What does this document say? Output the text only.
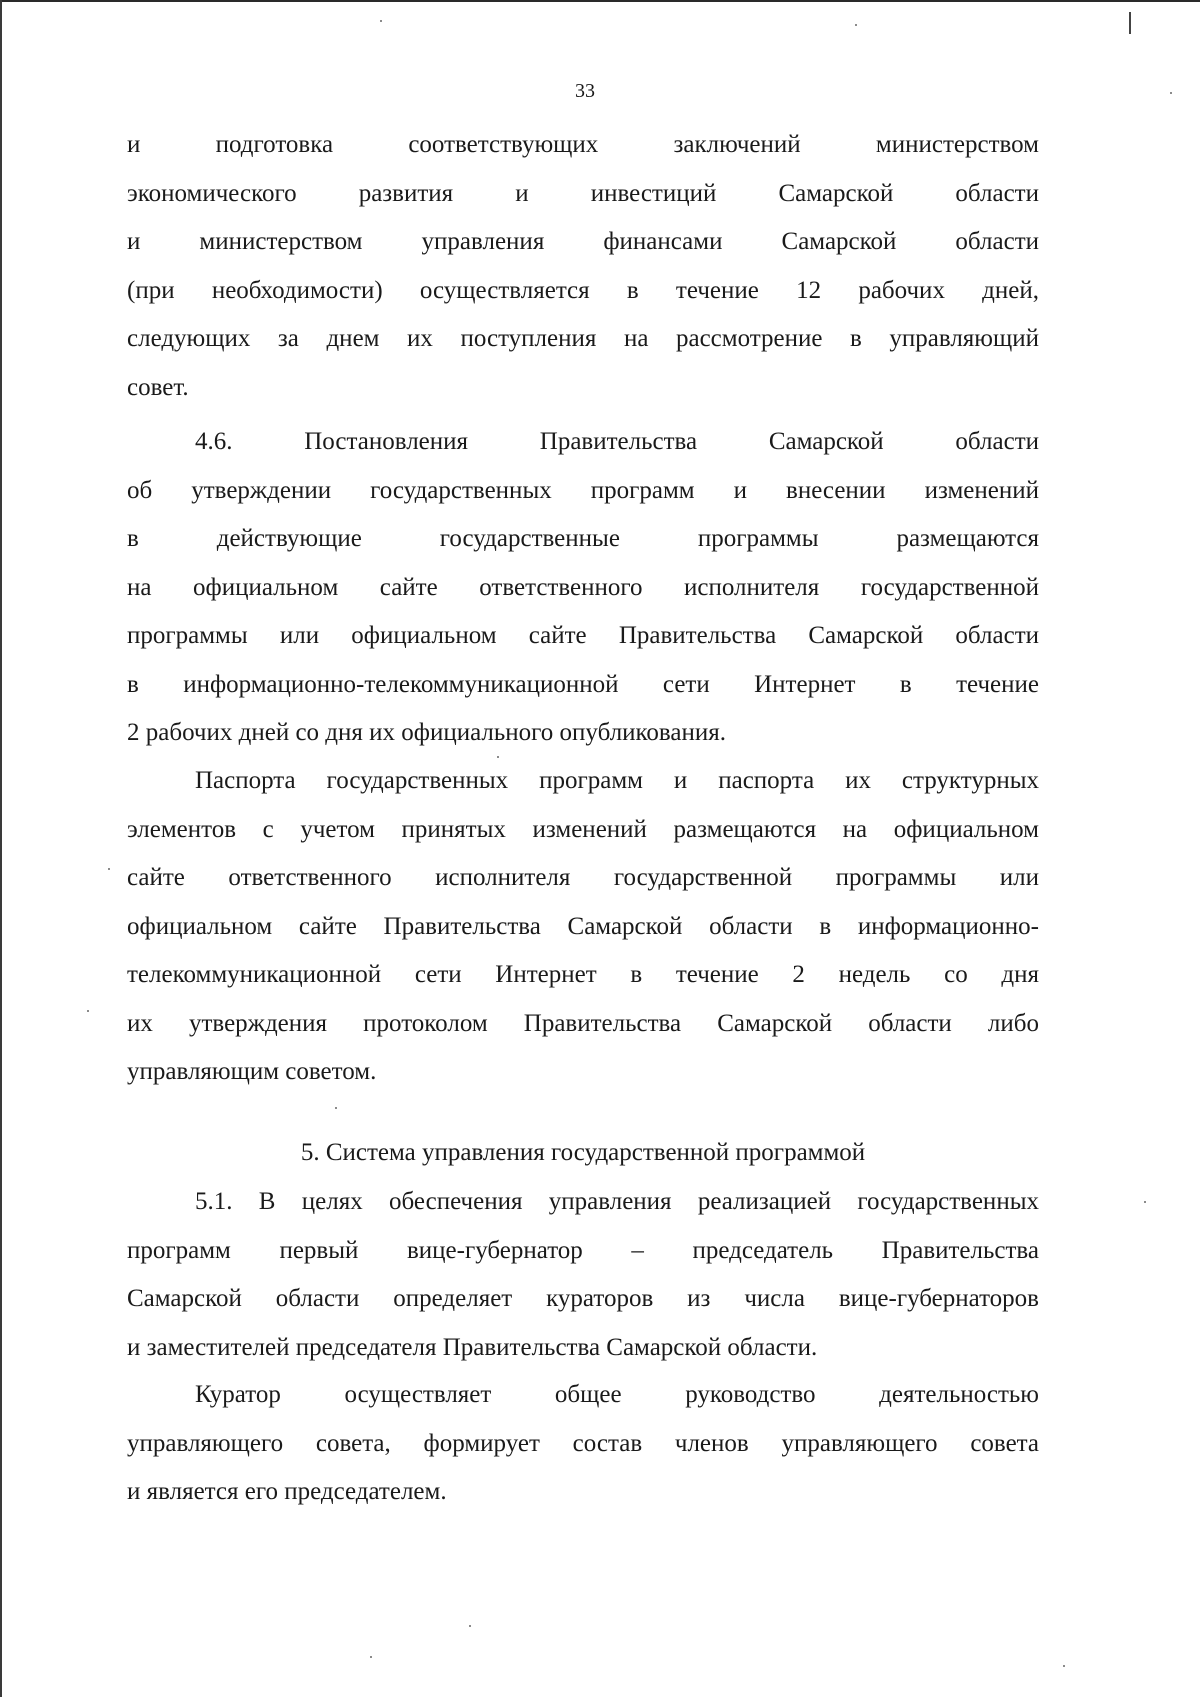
33
и подготовка соответствующих заключений министерством
экономического развития и инвестиций Самарской области
и министерством управления финансами Самарской области
(при необходимости) осуществляется в течение 12 рабочих дней,
следующих за днем их поступления на рассмотрение в управляющий
совет.
4.6. Постановления Правительства Самарской области
об утверждении государственных программ и внесении изменений
в действующие государственные программы размещаются
на официальном сайте ответственного исполнителя государственной
программы или официальном сайте Правительства Самарской области
в информационно-телекоммуникационной сети Интернет в течение
2 рабочих дней со дня их официального опубликования.
Паспорта государственных программ и паспорта их структурных
элементов с учетом принятых изменений размещаются на официальном
сайте ответственного исполнителя государственной программы или
официальном сайте Правительства Самарской области в информационно-
телекоммуникационной сети Интернет в течение 2 недель со дня
их утверждения протоколом Правительства Самарской области либо
управляющим советом.
5. Система управления государственной программой
5.1. В целях обеспечения управления реализацией государственных
программ первый вице-губернатор – председатель Правительства
Самарской области определяет кураторов из числа вице-губернаторов
и заместителей председателя Правительства Самарской области.
Куратор осуществляет общее руководство деятельностью
управляющего совета, формирует состав членов управляющего совета
и является его председателем.
